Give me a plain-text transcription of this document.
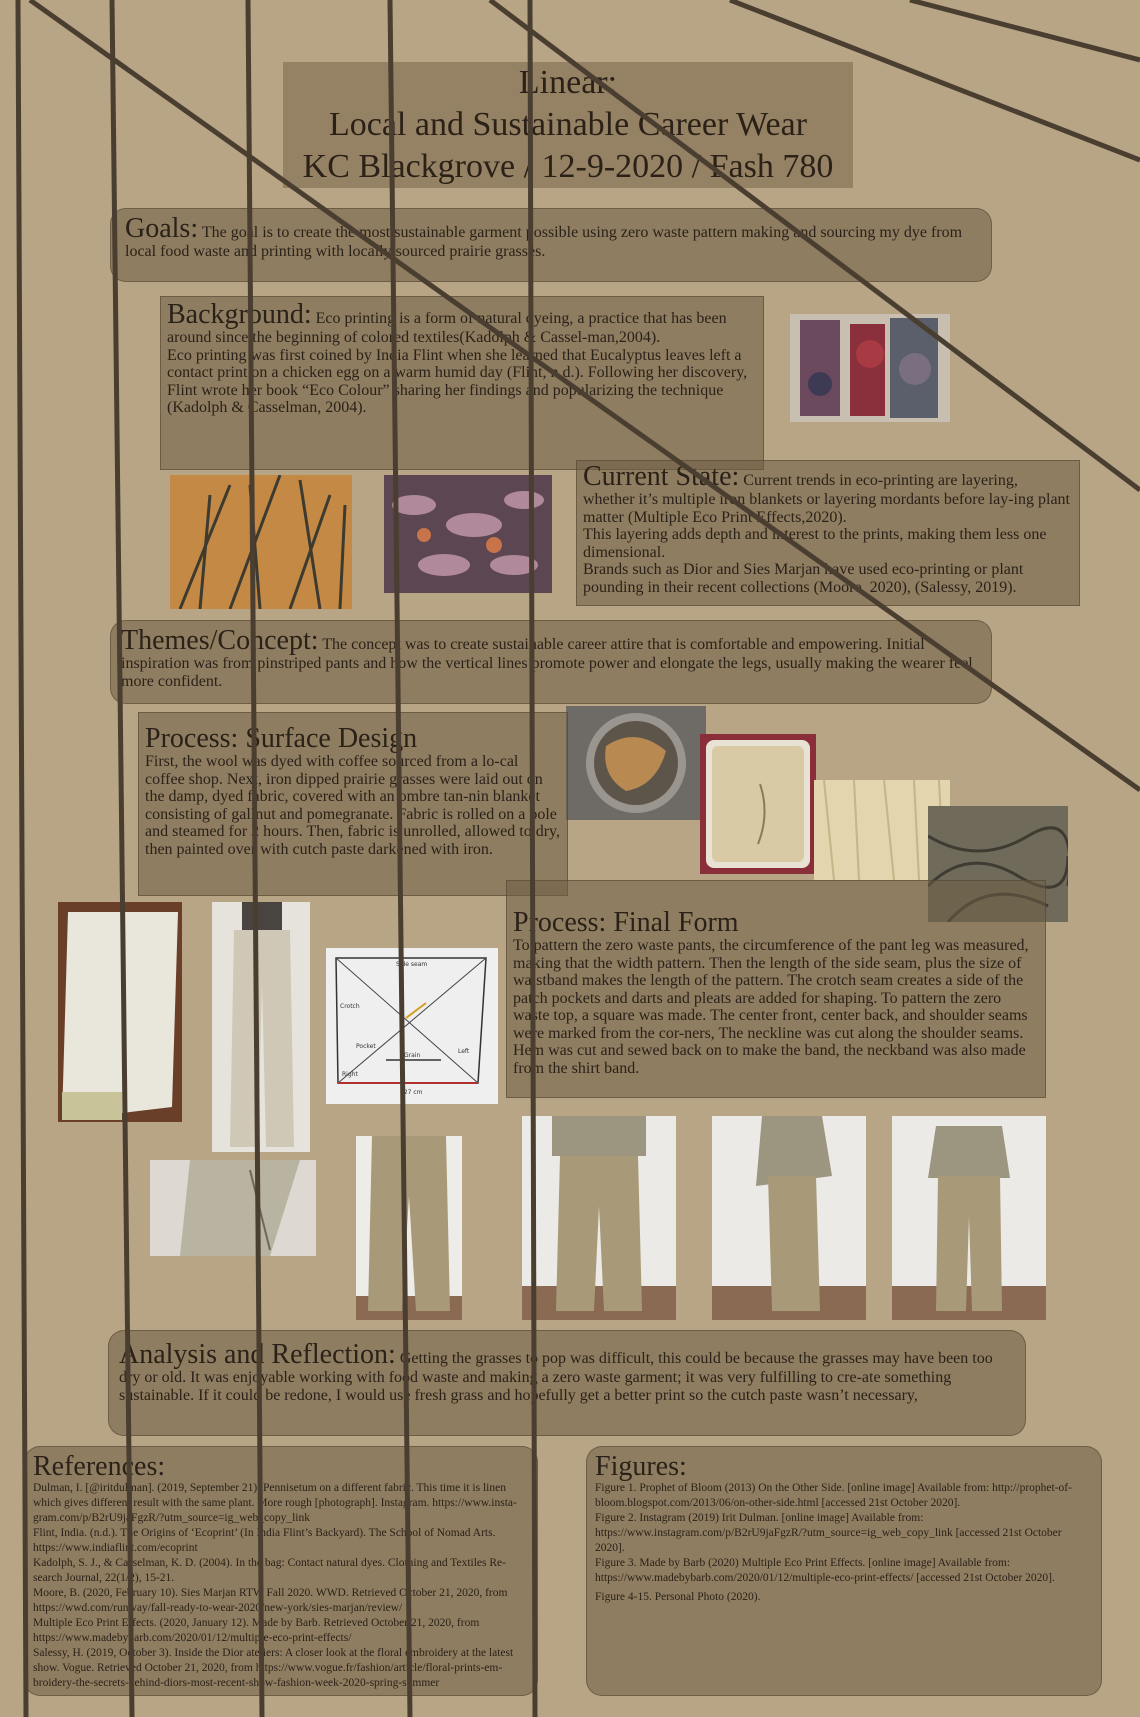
Linear:
Local and Sustainable Career Wear
KC Blackgrove / 12-9-2020 / Fash 780

Goals: The goal is to create the most sustainable garment possible using zero waste pattern making and sourcing my dye from local food waste and printing with locally sourced prairie grasses.

Background: Eco printing is a form of natural dyeing, a practice that has been around since the beginning of colored textiles(Kadolph & Cassel-man,2004).

Eco printing was first coined by India Flint when she learned that Eucalyptus leaves left a contact print on a chicken egg on a warm humid day (Flint, n.d.). Following her discovery, Flint wrote her book “Eco Colour” sharing her findings and popularizing the technique (Kadolph & Casselman, 2004).

Current State: Current trends in eco-printing are layering, whether it’s multiple iron blankets or layering mordants before lay-ing plant matter (Multiple Eco Print Effects,2020).

This layering adds depth and interest to the prints, making them less one dimensional.

Brands such as Dior and Sies Marjan have used eco-printing or plant pounding in their recent collections (Moore, 2020), (Salessy, 2019).

Themes/Concept: The concept was to create sustainable career attire that is comfortable and empowering. Initial inspiration was from pinstriped pants and how the vertical lines promote power and elongate the legs, usually making the wearer feel more confident.

Process: Surface Design

First, the wool was dyed with coffee sourced from a lo-cal coffee shop. Next, iron dipped prairie grasses were laid out on the damp, dyed fabric, covered with an ombre tan-nin blanket consisting of gallnut and pomegranate. Fabric is rolled on a pole and steamed for 2 hours. Then, fabric is unrolled, allowed to dry, then painted over with cutch paste darkened with iron.

Side seam
Crotch
Grain
Right
Left
Pocket
127 cm

Process: Final Form

To pattern the zero waste pants, the circumference of the pant leg was measured, making that the width pattern. Then the length of the side seam, plus the size of waistband makes the length of the pattern. The crotch seam creates a side of the patch pockets and darts and pleats are added for shaping. To pattern the zero waste top, a square was made. The center front, center back, and shoulder seams were marked from the cor-ners, The neckline was cut along the shoulder seams. Hem was cut and sewed back on to make the band, the neckband was also made from the shirt band.

Analysis and Reflection: Getting the grasses to pop was difficult, this could be because the grasses may have been too dry or old. It was enjoyable working with food waste and making a zero waste garment; it was very fulfilling to cre-ate something sustainable. If it could be redone, I would use fresh grass and hopefully get a better print so the cutch paste wasn’t necessary,

References:

Dulman, I. [@iritdulman]. (2019, September 21). Pennisetum on a different fabric. This time it is linen which gives different result with the same plant. More rough [photograph]. Instagram. https://www.insta-gram.com/p/B2rU9jaFgzR/?utm_source=ig_web_copy_link

Flint, India. (n.d.). The Origins of ‘Ecoprint’ (In India Flint’s Backyard). The School of Nomad Arts. https://www.indiaflint.com/ecoprint

Kadolph, S. J., & Casselman, K. D. (2004). In the bag: Contact natural dyes. Clothing and Textiles Re-search Journal, 22(1/2), 15-21.

Moore, B. (2020, February 10). Sies Marjan RTW Fall 2020. WWD. Retrieved October 21, 2020, from https://wwd.com/runway/fall-ready-to-wear-2020/new-york/sies-marjan/review/

Multiple Eco Print Effects. (2020, January 12). Made by Barb. Retrieved October 21, 2020, from https://www.madebybarb.com/2020/01/12/multiple-eco-print-effects/

Salessy, H. (2019, October 3). Inside the Dior ateliers: A closer look at the floral embroidery at the latest show. Vogue. Retrieved October 21, 2020, from https://www.vogue.fr/fashion/article/floral-prints-em-broidery-the-secrets-behind-diors-most-recent-show-fashion-week-2020-spring-summer

Figures:

Figure 1. Prophet of Bloom (2013) On the Other Side. [online image] Available from: http://prophet-of-bloom.blogspot.com/2013/06/on-other-side.html [accessed 21st October 2020].

Figure 2. Instagram (2019) Irit Dulman. [online image] Available from: https://www.instagram.com/p/B2rU9jaFgzR/?utm_source=ig_web_copy_link [accessed 21st October 2020].

Figure 3. Made by Barb (2020) Multiple Eco Print Effects. [online image] Available from: https://www.madebybarb.com/2020/01/12/multiple-eco-print-effects/ [accessed 21st October 2020].

Figure 4-15. Personal Photo (2020).
